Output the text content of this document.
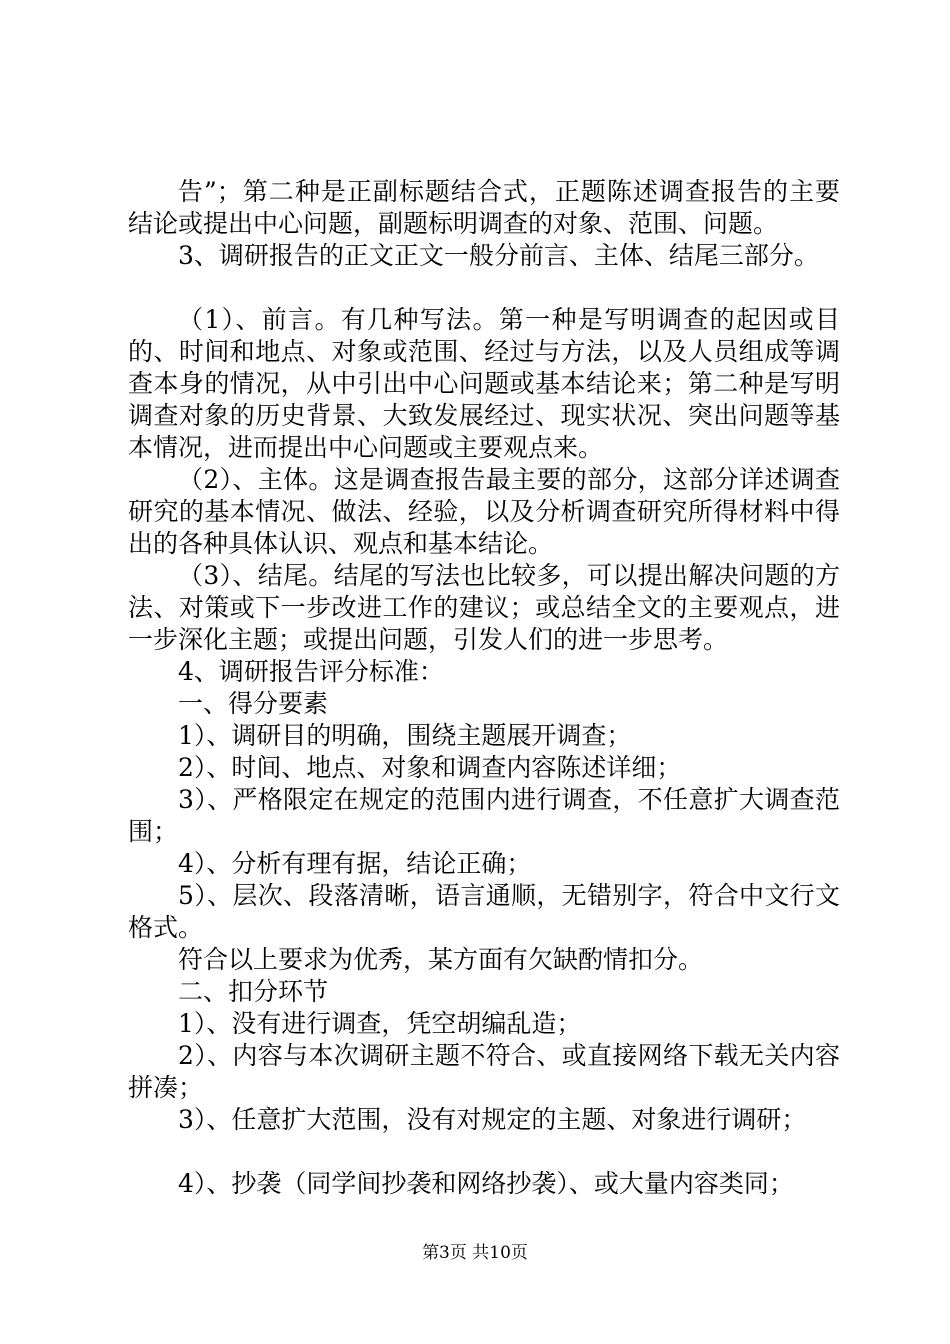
告”；第二种是正副标题结合式，正题陈述调查报告的主要结论或提出中心问题，副题标明调查的对象、范围、问题。

3、调研报告的正文正文一般分前言、主体、结尾三部分。

（1）、前言。有几种写法。第一种是写明调查的起因或目的、时间和地点、对象或范围、经过与方法，以及人员组成等调查本身的情况，从中引出中心问题或基本结论来；第二种是写明调查对象的历史背景、大致发展经过、现实状况、突出问题等基本情况，进而提出中心问题或主要观点来。

（2）、主体。这是调查报告最主要的部分，这部分详述调查研究的基本情况、做法、经验，以及分析调查研究所得材料中得出的各种具体认识、观点和基本结论。

（3）、结尾。结尾的写法也比较多，可以提出解决问题的方法、对策或下一步改进工作的建议；或总结全文的主要观点，进一步深化主题；或提出问题，引发人们的进一步思考。

4、调研报告评分标准：

一、得分要素

1）、调研目的明确，围绕主题展开调查；

2）、时间、地点、对象和调查内容陈述详细；

3）、严格限定在规定的范围内进行调查，不任意扩大调查范围；

4）、分析有理有据，结论正确；

5）、层次、段落清晰，语言通顺，无错别字，符合中文行文格式。

符合以上要求为优秀，某方面有欠缺酌情扣分。

二、扣分环节

1）、没有进行调查，凭空胡编乱造；

2）、内容与本次调研主题不符合、或直接网络下载无关内容拼凑；

3）、任意扩大范围，没有对规定的主题、对象进行调研；

4）、抄袭（同学间抄袭和网络抄袭）、或大量内容类同；

第3页 共10页
